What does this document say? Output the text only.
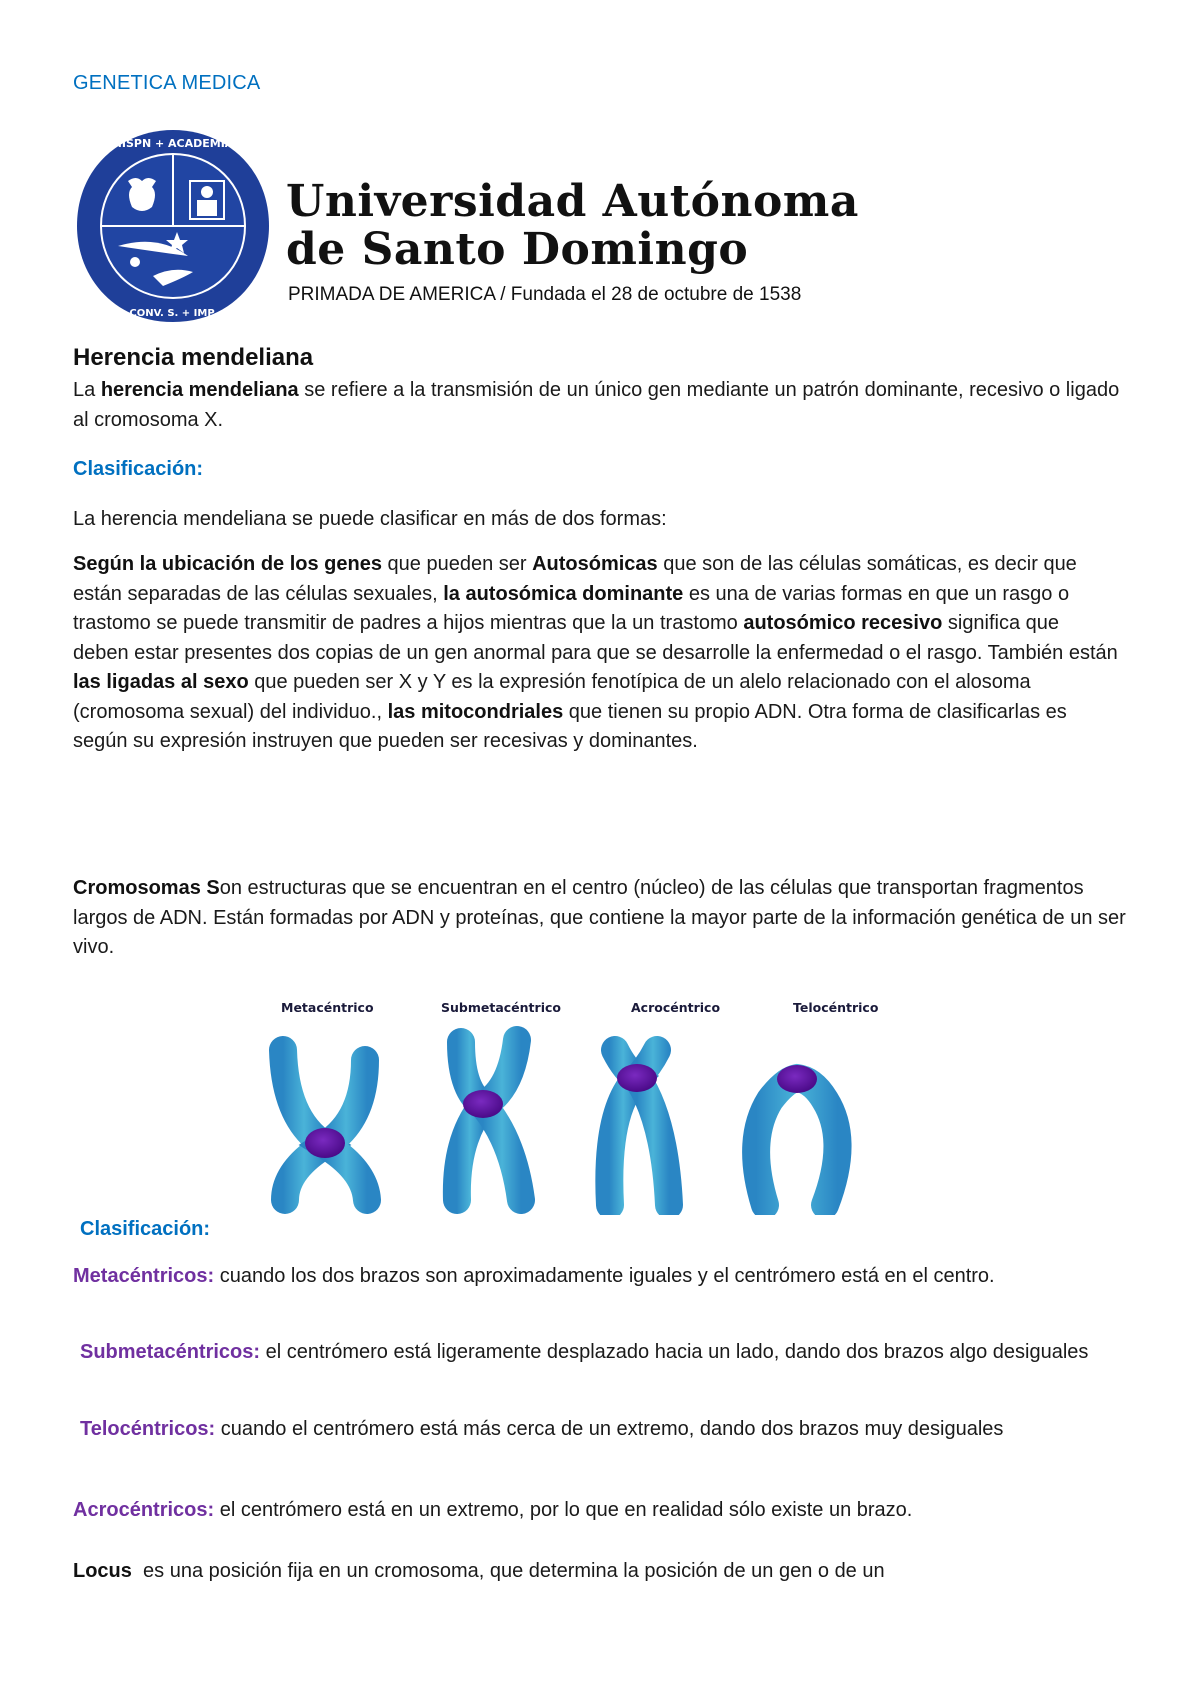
GENETICA MEDICA
HISPN + ACADEMIA
CONV. S. + IMP.
Universidad Autónoma
de Santo Domingo
PRIMADA DE AMERICA / Fundada el 28 de octubre de 1538
Herencia mendeliana
La herencia mendeliana se refiere a la transmisión de un único gen mediante un patrón dominante, recesivo o ligado al cromosoma X.
Clasificación:
La herencia mendeliana se puede clasificar en más de dos formas:
Según la ubicación de los genes que pueden ser Autosómicas que son de las células somáticas, es decir que están separadas de las células sexuales, la autosómica dominante es una de varias formas en que un rasgo o trastomo se puede transmitir de padres a hijos mientras que la un trastomo autosómico recesivo significa que deben estar presentes dos copias de un gen anormal para que se desarrolle la enfermedad o el rasgo. También están las ligadas al sexo que pueden ser X y Y es la expresión fenotípica de un alelo relacionado con el alosoma (cromosoma sexual) del individuo., las mitocondriales que tienen su propio ADN. Otra forma de clasificarlas es según su expresión instruyen que pueden ser recesivas y dominantes.
Cromosomas Son estructuras que se encuentran en el centro (núcleo) de las células que transportan fragmentos largos de ADN. Están formadas por ADN y proteínas, que contiene la mayor parte de la información genética de un ser vivo.
Metacéntrico	Submetacéntrico	Acrocéntrico	Telocéntrico
Clasificación:
Metacéntricos: cuando los dos brazos son aproximadamente iguales y el centrómero está en el centro.
Submetacéntricos: el centrómero está ligeramente desplazado hacia un lado, dando dos brazos algo desiguales
Telocéntricos: cuando el centrómero está más cerca de un extremo, dando dos brazos muy desiguales
Acrocéntricos: el centrómero está en un extremo, por lo que en realidad sólo existe un brazo.
Locus  es una posición fija en un cromosoma, que determina la posición de un gen o de un
